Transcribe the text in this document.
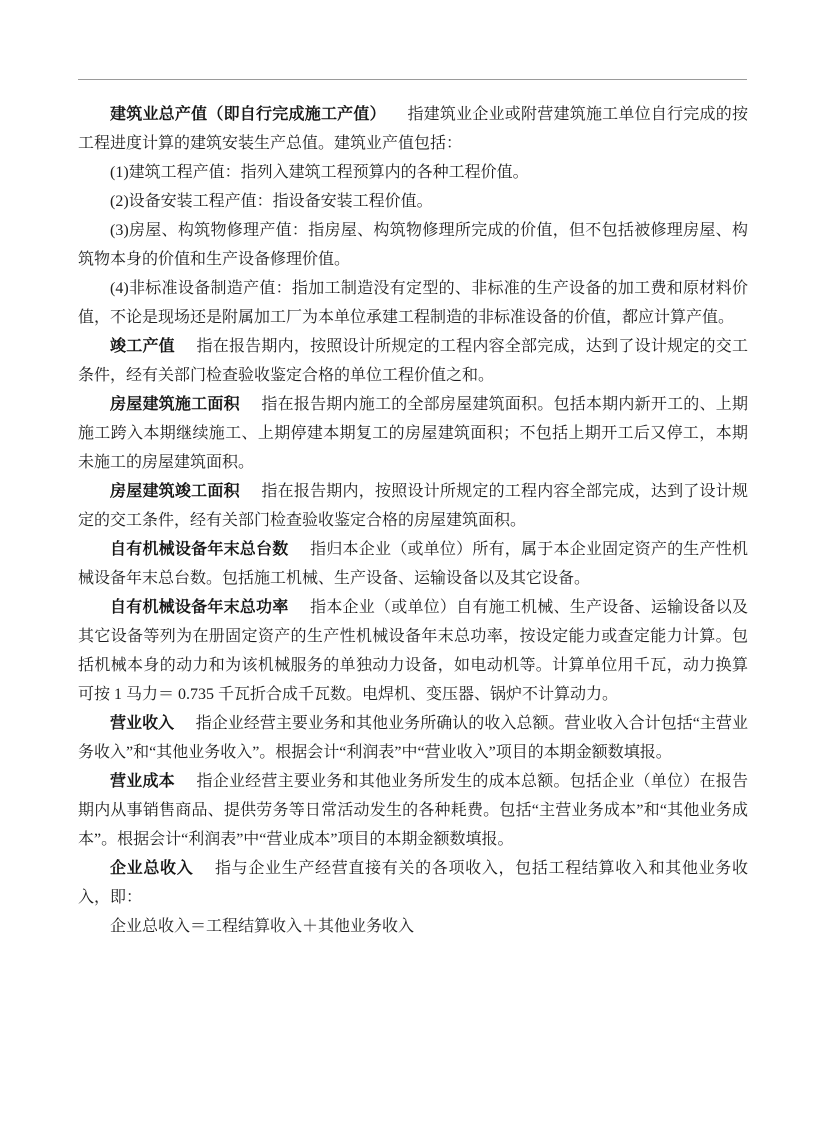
建筑业总产值（即自行完成施工产值） 指建筑业企业或附营建筑施工单位自行完成的按工程进度计算的建筑安装生产总值。建筑业产值包括：

(1)建筑工程产值：指列入建筑工程预算内的各种工程价值。

(2)设备安装工程产值：指设备安装工程价值。

(3)房屋、构筑物修理产值：指房屋、构筑物修理所完成的价值，但不包括被修理房屋、构筑物本身的价值和生产设备修理价值。

(4)非标准设备制造产值：指加工制造没有定型的、非标准的生产设备的加工费和原材料价值，不论是现场还是附属加工厂为本单位承建工程制造的非标准设备的价值，都应计算产值。

竣工产值 指在报告期内，按照设计所规定的工程内容全部完成，达到了设计规定的交工条件，经有关部门检查验收鉴定合格的单位工程价值之和。

房屋建筑施工面积 指在报告期内施工的全部房屋建筑面积。包括本期内新开工的、上期施工跨入本期继续施工、上期停建本期复工的房屋建筑面积；不包括上期开工后又停工，本期未施工的房屋建筑面积。

房屋建筑竣工面积 指在报告期内，按照设计所规定的工程内容全部完成，达到了设计规定的交工条件，经有关部门检查验收鉴定合格的房屋建筑面积。

自有机械设备年末总台数 指归本企业（或单位）所有，属于本企业固定资产的生产性机械设备年末总台数。包括施工机械、生产设备、运输设备以及其它设备。

自有机械设备年末总功率 指本企业（或单位）自有施工机械、生产设备、运输设备以及其它设备等列为在册固定资产的生产性机械设备年末总功率，按设定能力或查定能力计算。包括机械本身的动力和为该机械服务的单独动力设备，如电动机等。计算单位用千瓦，动力换算可按 1 马力＝ 0.735 千瓦折合成千瓦数。电焊机、变压器、锅炉不计算动力。

营业收入 指企业经营主要业务和其他业务所确认的收入总额。营业收入合计包括“主营业务收入”和“其他业务收入”。根据会计“利润表”中“营业收入”项目的本期金额数填报。

营业成本 指企业经营主要业务和其他业务所发生的成本总额。包括企业（单位）在报告期内从事销售商品、提供劳务等日常活动发生的各种耗费。包括“主营业务成本”和“其他业务成本”。根据会计“利润表”中“营业成本”项目的本期金额数填报。

企业总收入 指与企业生产经营直接有关的各项收入，包括工程结算收入和其他业务收入，即：

企业总收入＝工程结算收入＋其他业务收入
